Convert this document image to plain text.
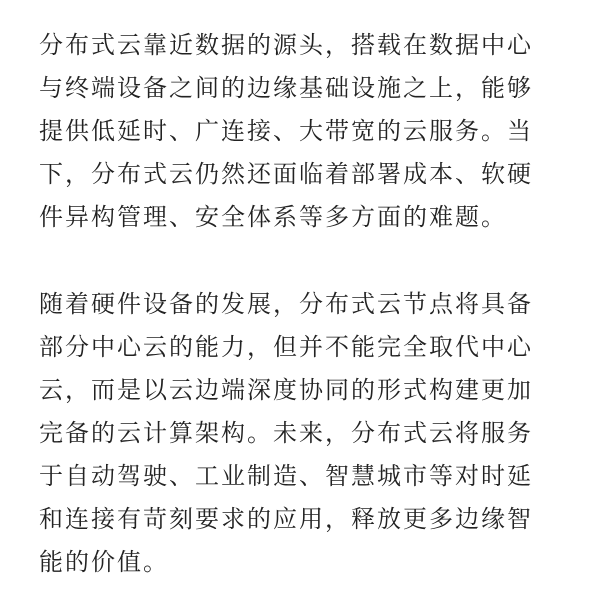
分布式云靠近数据的源头，搭载在数据中心
与终端设备之间的边缘基础设施之上，能够
提供低延时、广连接、大带宽的云服务。当
下，分布式云仍然还面临着部署成本、软硬
件异构管理、安全体系等多方面的难题。

随着硬件设备的发展，分布式云节点将具备
部分中心云的能力，但并不能完全取代中心
云，而是以云边端深度协同的形式构建更加
完备的云计算架构。未来，分布式云将服务
于自动驾驶、工业制造、智慧城市等对时延
和连接有苛刻要求的应用，释放更多边缘智
能的价值。
